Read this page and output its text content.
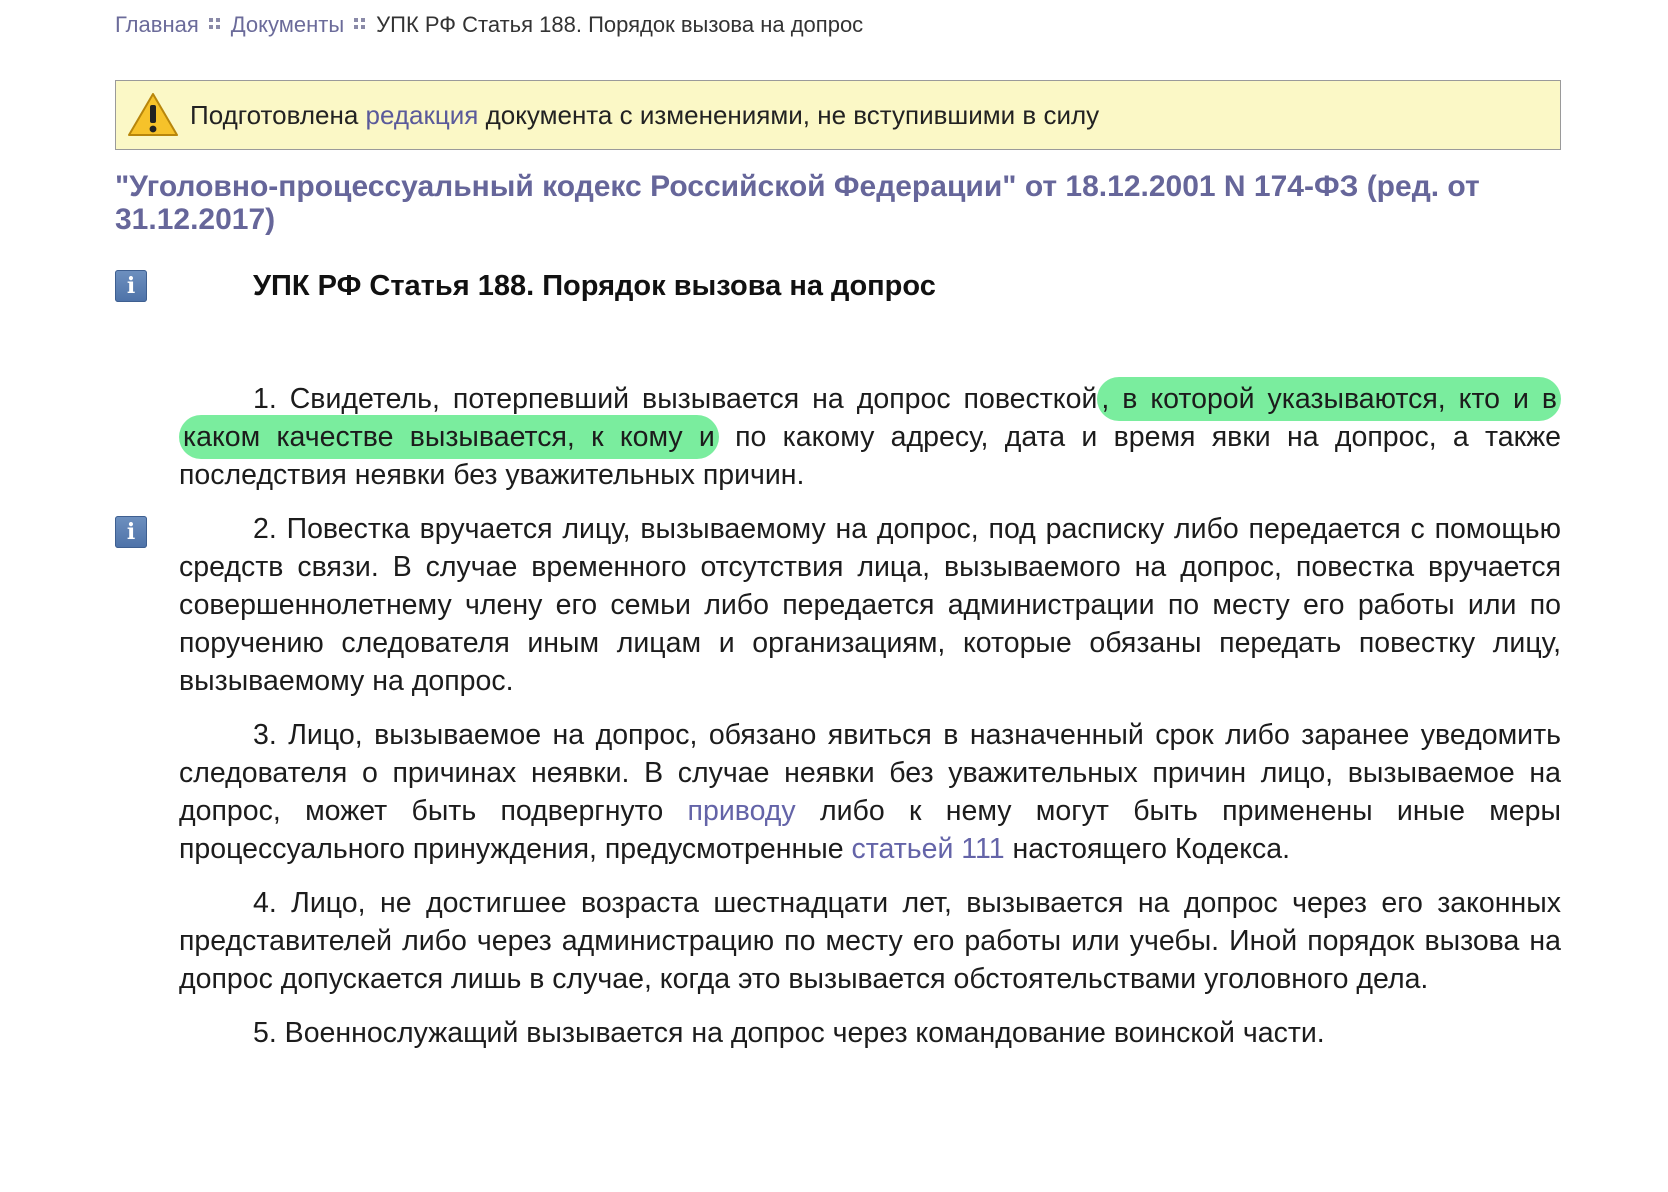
Главная Документы УПК РФ Статья 188. Порядок вызова на допрос
Подготовлена редакция документа с изменениями, не вступившими в силу
"Уголовно-процессуальный кодекс Российской Федерации" от 18.12.2001 N 174-ФЗ (ред. от 31.12.2017)
i	УПК РФ Статья 188. Порядок вызова на допрос
i

1. Свидетель, потерпевший вызывается на допрос повесткой , в которой указываются, кто и в каком качестве вызывается, к кому и по какому адресу, дата и время явки на допрос, а также последствия неявки без уважительных причин.

2. Повестка вручается лицу, вызываемому на допрос, под расписку либо передается с помощью средств связи. В случае временного отсутствия лица, вызываемого на допрос, повестка вручается совершеннолетнему члену его семьи либо передается администрации по месту его работы или по поручению следователя иным лицам и организациям, которые обязаны передать повестку лицу, вызываемому на допрос.

3. Лицо, вызываемое на допрос, обязано явиться в назначенный срок либо заранее уведомить следователя о причинах неявки. В случае неявки без уважительных причин лицо, вызываемое на допрос, может быть подвергнуто приводу либо к нему могут быть применены иные меры процессуального принуждения, предусмотренные статьей 111 настоящего Кодекса.

4. Лицо, не достигшее возраста шестнадцати лет, вызывается на допрос через его законных представителей либо через администрацию по месту его работы или учебы. Иной порядок вызова на допрос допускается лишь в случае, когда это вызывается обстоятельствами уголовного дела.

5. Военнослужащий вызывается на допрос через командование воинской части.
